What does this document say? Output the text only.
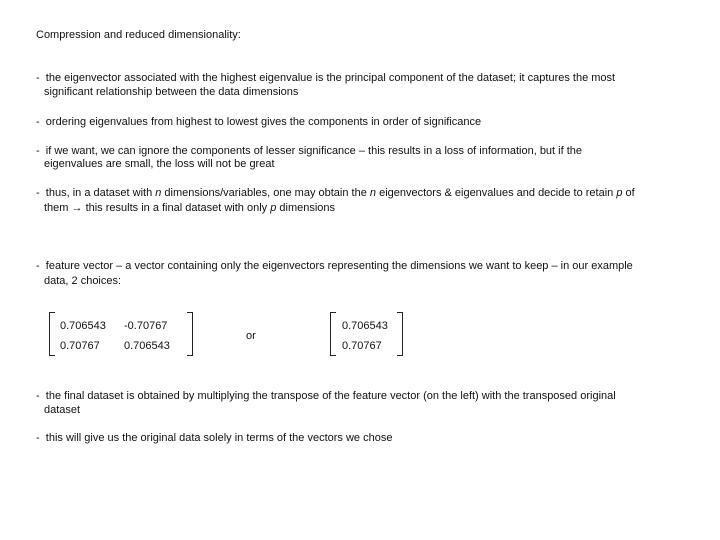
Compression and reduced dimensionality:
- the eigenvector associated with the highest eigenvalue is the principal component of the dataset; it captures the most
significant relationship between the data dimensions
- ordering eigenvalues from highest to lowest gives the components in order of significance
- if we want, we can ignore the components of lesser significance – this results in a loss of information, but if the
eigenvalues are small, the loss will not be great
- thus, in a dataset with n dimensions/variables, one may obtain the n eigenvectors & eigenvalues and decide to retain p of
them → this results in a final dataset with only p dimensions
- feature vector – a vector containing only the eigenvectors representing the dimensions we want to keep – in our example
data, 2 choices:
0.706543 -0.70767
0.70767 0.706543
or
0.706543
0.70767
- the final dataset is obtained by multiplying the transpose of the feature vector (on the left) with the transposed original
dataset
- this will give us the original data solely in terms of the vectors we chose
